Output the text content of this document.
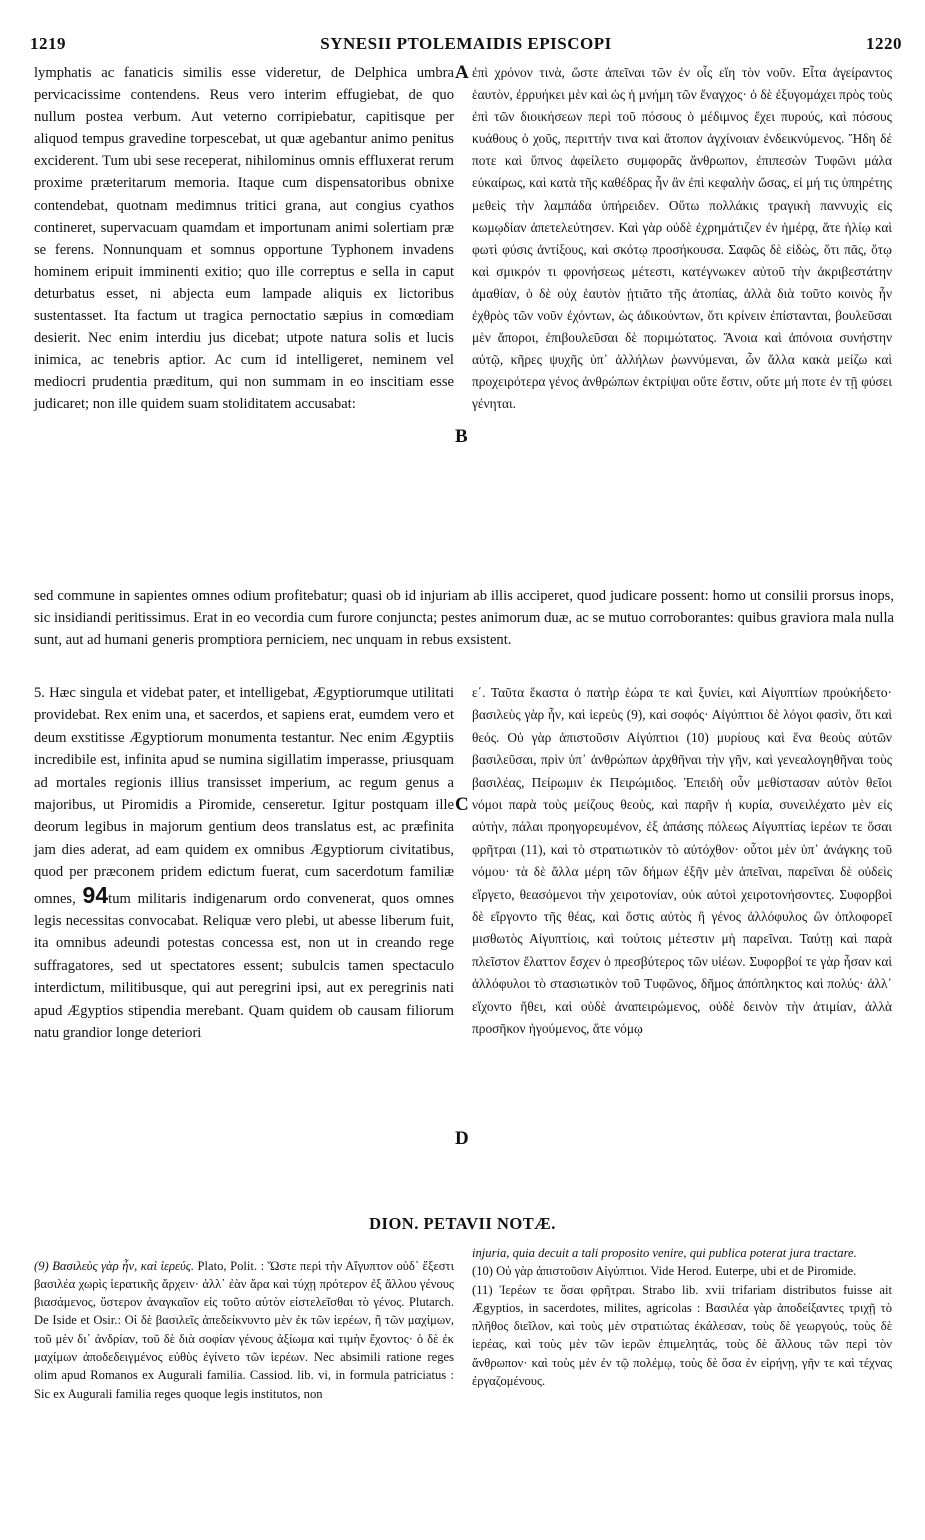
1219	SYNESII PTOLEMAIDIS EPISCOPI	1220

lymphatis ac fanaticis similis esse videretur, de Delphica umbra pervicacissime contendens. Reus vero interim effugiebat, de quo nullum postea verbum. Aut veterno corripiebatur, capitisque per aliquod tempus gravedine torpescebat, ut quæ agebantur animo penitus exciderent. Tum ubi sese receperat, nihilominus omnis effluxerat rerum proxime præteritarum memoria. Itaque cum dispensatoribus obnixe contendebat, quotnam medimnus tritici grana, aut congius cyathos contineret, supervacuam quamdam et importunam animi solertiam præ se ferens. Nonnunquam et somnus opportune Typhonem invadens hominem eripuit imminenti exitio; quo ille correptus e sella in caput deturbatus esset, ni abjecta eum lampade aliquis ex lictoribus sustentasset. Ita factum ut tragica pernoctatio sæpius in comœdiam desierit. Nec enim interdiu jus dicebat; utpote natura solis et lucis inimica, ac tenebris aptior. Ac cum id intelligeret, neminem vel mediocri prudentia præditum, qui non summam in eo inscitiam esse judicaret; non ille quidem suam stoliditatem accusabat:

ἐπὶ χρόνον τινὰ, ὥστε ἀπεῖναι τῶν ἐν οἷς εἴη τὸν νοῦν. Εἶτα ἀγείραντος ἑαυτὸν, ἐρρυήκει μὲν καὶ ὡς ἡ μνήμη τῶν ἔναγχος· ὁ δὲ ἐξυγομάχει πρὸς τοὺς ἐπὶ τῶν διοικήσεων περὶ τοῦ πόσους ὁ μέδιμνος ἔχει πυρούς, καὶ πόσους κυάθους ὁ χοῦς, περιττήν τινα καὶ ἄτοπον ἀγχίνοιαν ἐνδεικνύμενος. Ἤδη δέ ποτε καὶ ὕπνος ἀφείλετο συμφορᾶς ἄνθρωπον, ἐπιπεσὼν Τυφῶνι μάλα εὐκαίρως, καὶ κατὰ τῆς καθέδρας ἦν ἂν ἐπὶ κεφαλὴν ὤσας, εἰ μή τις ὑπηρέτης μεθεὶς τὴν λαμπάδα ὑπήρειδεν. Οὕτω πολλάκις τραγικὴ παννυχὶς εἰς κωμῳδίαν ἀπετελεύτησεν. Καὶ γὰρ οὐδὲ ἐχρημάτιζεν ἐν ἡμέρᾳ, ἅτε ἡλίῳ καὶ φωτὶ φύσις ἀντίξους, καὶ σκότῳ προσήκουσα. Σαφῶς δὲ εἰδὼς, ὅτι πᾶς, ὅτῳ καὶ σμικρόν τι φρονήσεως μέτεστι, κατέγνωκεν αὐτοῦ τὴν ἀκριβεστάτην ἀμαθίαν, ὁ δὲ οὐχ ἑαυτὸν ᾐτιᾶτο τῆς ἀτοπίας, ἀλλὰ διὰ τοῦτο κοινὸς ἦν ἐχθρὸς τῶν νοῦν ἐχόντων, ὡς ἀδικούντων, ὅτι κρίνειν ἐπίστανται, βουλεῦσαι μὲν ἄποροι, ἐπιβουλεῦσαι δὲ ποριμώτατος. Ἄνοια καὶ ἀπόνοια συνήστην αὐτῷ, κῆρες ψυχῆς ὑπ᾽ ἀλλήλων ῥωννύμεναι, ὧν ἄλλα κακὰ μείζω καὶ προχειρότερα γένος ἀνθρώπων ἐκτρίψαι οὔτε ἔστιν, οὔτε μή ποτε ἐν τῇ φύσει γένηται.

A
B
C
D

sed commune in sapientes omnes odium profitebatur; quasi ob id injuriam ab illis acciperet, quod judicare possent: homo ut consilii prorsus inops, sic insidiandi peritissimus. Erat in eo vecordia cum furore conjuncta; pestes animorum duæ, ac se mutuo corroborantes: quibus graviora mala nulla sunt, aut ad humani generis promptiora perniciem, nec unquam in rebus exsistent.

5. Hæc singula et videbat pater, et intelligebat, Ægyptiorumque utilitati providebat. Rex enim una, et sacerdos, et sapiens erat, eumdem vero et deum exstitisse Ægyptiorum monumenta testantur. Nec enim Ægyptiis incredibile est, infinita apud se numina sigillatim imperasse, priusquam ad mortales regionis illius transisset imperium, ac regum genus a majoribus, ut Piromidis a Piromide, censeretur. Igitur postquam ille deorum legibus in majorum gentium deos translatus est, ac præfinita jam dies aderat, ad eam quidem ex omnibus Ægyptiorum civitatibus, quod per præconem pridem edictum fuerat, cum sacerdotum familiæ omnes, 94tum militaris indigenarum ordo convenerat, quos omnes legis necessitas convocabat. Reliquæ vero plebi, ut abesse liberum fuit, ita omnibus adeundi potestas concessa est, non ut in creando rege suffragatores, sed ut spectatores essent; subulcis tamen spectaculo interdictum, militibusque, qui aut peregrini ipsi, aut ex peregrinis nati apud Ægyptios stipendia merebant. Quam quidem ob causam filiorum natu grandior longe deteriori

ε΄. Ταῦτα ἕκαστα ὁ πατὴρ ἑώρα τε καὶ ξυνίει, καὶ Αἰγυπτίων προὐκήδετο· βασιλεὺς γὰρ ἦν, καὶ ἱερεὺς (9), καὶ σοφός· Αἰγύπτιοι δὲ λόγοι φασὶν, ὅτι καὶ θεός. Οὐ γὰρ ἀπιστοῦσιν Αἰγύπτιοι (10) μυρίους καὶ ἕνα θεοὺς αὐτῶν βασιλεῦσαι, πρὶν ὑπ᾽ ἀνθρώπων ἀρχθῆναι τὴν γῆν, καὶ γενεαλογηθῆναι τοὺς βασιλέας, Πείρωμιν ἐκ Πειρώμιδος. Ἐπειδὴ οὖν μεθίστασαν αὐτὸν θεῖοι νόμοι παρὰ τοὺς μείζους θεοὺς, καὶ παρῆν ἡ κυρία, συνειλέχατο μὲν εἰς αὐτὴν, πάλαι προηγορευμένον, ἐξ ἁπάσης πόλεως Αἰγυπτίας ἱερέων τε ὅσαι φρῆτραι (11), καὶ τὸ στρατιωτικὸν τὸ αὐτόχθον· οὗτοι μὲν ὑπ᾽ ἀνάγκης τοῦ νόμου· τὰ δὲ ἄλλα μέρη τῶν δήμων ἐξῆν μὲν ἀπεῖναι, παρεῖναι δὲ οὐδεὶς εἴργετο, θεασόμενοι τὴν χειροτονίαν, οὐκ αὐτοὶ χειροτονήσοντες. Συφορβοὶ δὲ εἴργοντο τῆς θέας, καὶ ὅστις αὐτὸς ἢ γένος ἀλλόφυλος ὢν ὁπλοφορεῖ μισθωτὸς Αἰγυπτίοις, καὶ τούτοις μέτεστιν μὴ παρεῖναι. Ταύτῃ καὶ παρὰ πλεῖστον ἔλαττον ἔσχεν ὁ πρεσβύτερος τῶν υἱέων. Συφορβοί τε γὰρ ἦσαν καὶ ἀλλόφυλοι τὸ στασιωτικὸν τοῦ Τυφῶνος, δῆμος ἀπόπληκτος καὶ πολύς· ἀλλ᾽ εἴχοντο ἤθει, καὶ οὐδὲ ἀναπειρώμενος, οὐδὲ δεινὸν τὴν ἀτιμίαν, ἀλλὰ προσῆκον ἡγούμενος, ἅτε νόμῳ

DION. PETAVII NOTÆ.

(9) Βασιλεὺς γὰρ ἦν, καὶ ἱερεύς. Plato, Polit. : Ὥστε περὶ τὴν Αἴγυπτον οὐδ᾽ ἔξεστι βασιλέα χωρὶς ἱερατικῆς ἄρχειν· ἀλλ᾽ ἐὰν ἄρα καὶ τύχῃ πρότερον ἐξ ἄλλου γένους βιασάμενος, ὕστερον ἀναγκαῖον εἰς τοῦτο αὐτὸν εἰστελεῖσθαι τὸ γένος. Plutarch. De Iside et Osir.: Οἱ δὲ βασιλεῖς ἀπεδείκνυντο μὲν ἐκ τῶν ἱερέων, ἢ τῶν μαχίμων, τοῦ μὲν δι᾽ ἀνδρίαν, τοῦ δὲ διὰ σοφίαν γένους ἀξίωμα καὶ τιμὴν ἔχοντος· ὁ δὲ ἐκ μαχίμων ἀποδεδειγμένος εὐθὺς ἐγίνετο τῶν ἱερέων. Nec absimili ratione reges olim apud Romanos ex Augurali familia. Cassiod. lib. vi, in formula patriciatus : Sic ex Augurali familia reges quoque legis institutos, non

injuria, quia decuit a tali proposito venire, qui publica poterat jura tractare.

(10) Οὐ γὰρ ἀπιστοῦσιν Αἰγύπτιοι. Vide Herod. Euterpe, ubi et de Piromide.

(11) Ἱερέων τε ὅσαι φρῆτραι. Strabo lib. xvii trifariam distributos fuisse ait Ægyptios, in sacerdotes, milites, agricolas : Βασιλέα γὰρ ἀποδείξαντες τριχῇ τὸ πλῆθος διεῖλον, καὶ τοὺς μὲν στρατιώτας ἐκάλεσαν, τοὺς δὲ γεωργούς, τοὺς δὲ ἱερέας, καὶ τοὺς μὲν τῶν ἱερῶν ἐπιμελητάς, τοὺς δὲ ἄλλους τῶν περὶ τὸν ἄνθρωπον· καὶ τοὺς μὲν ἐν τῷ πολέμῳ, τοὺς δὲ ὅσα ἐν εἰρήνῃ, γῆν τε καὶ τέχνας ἐργαζομένους.
